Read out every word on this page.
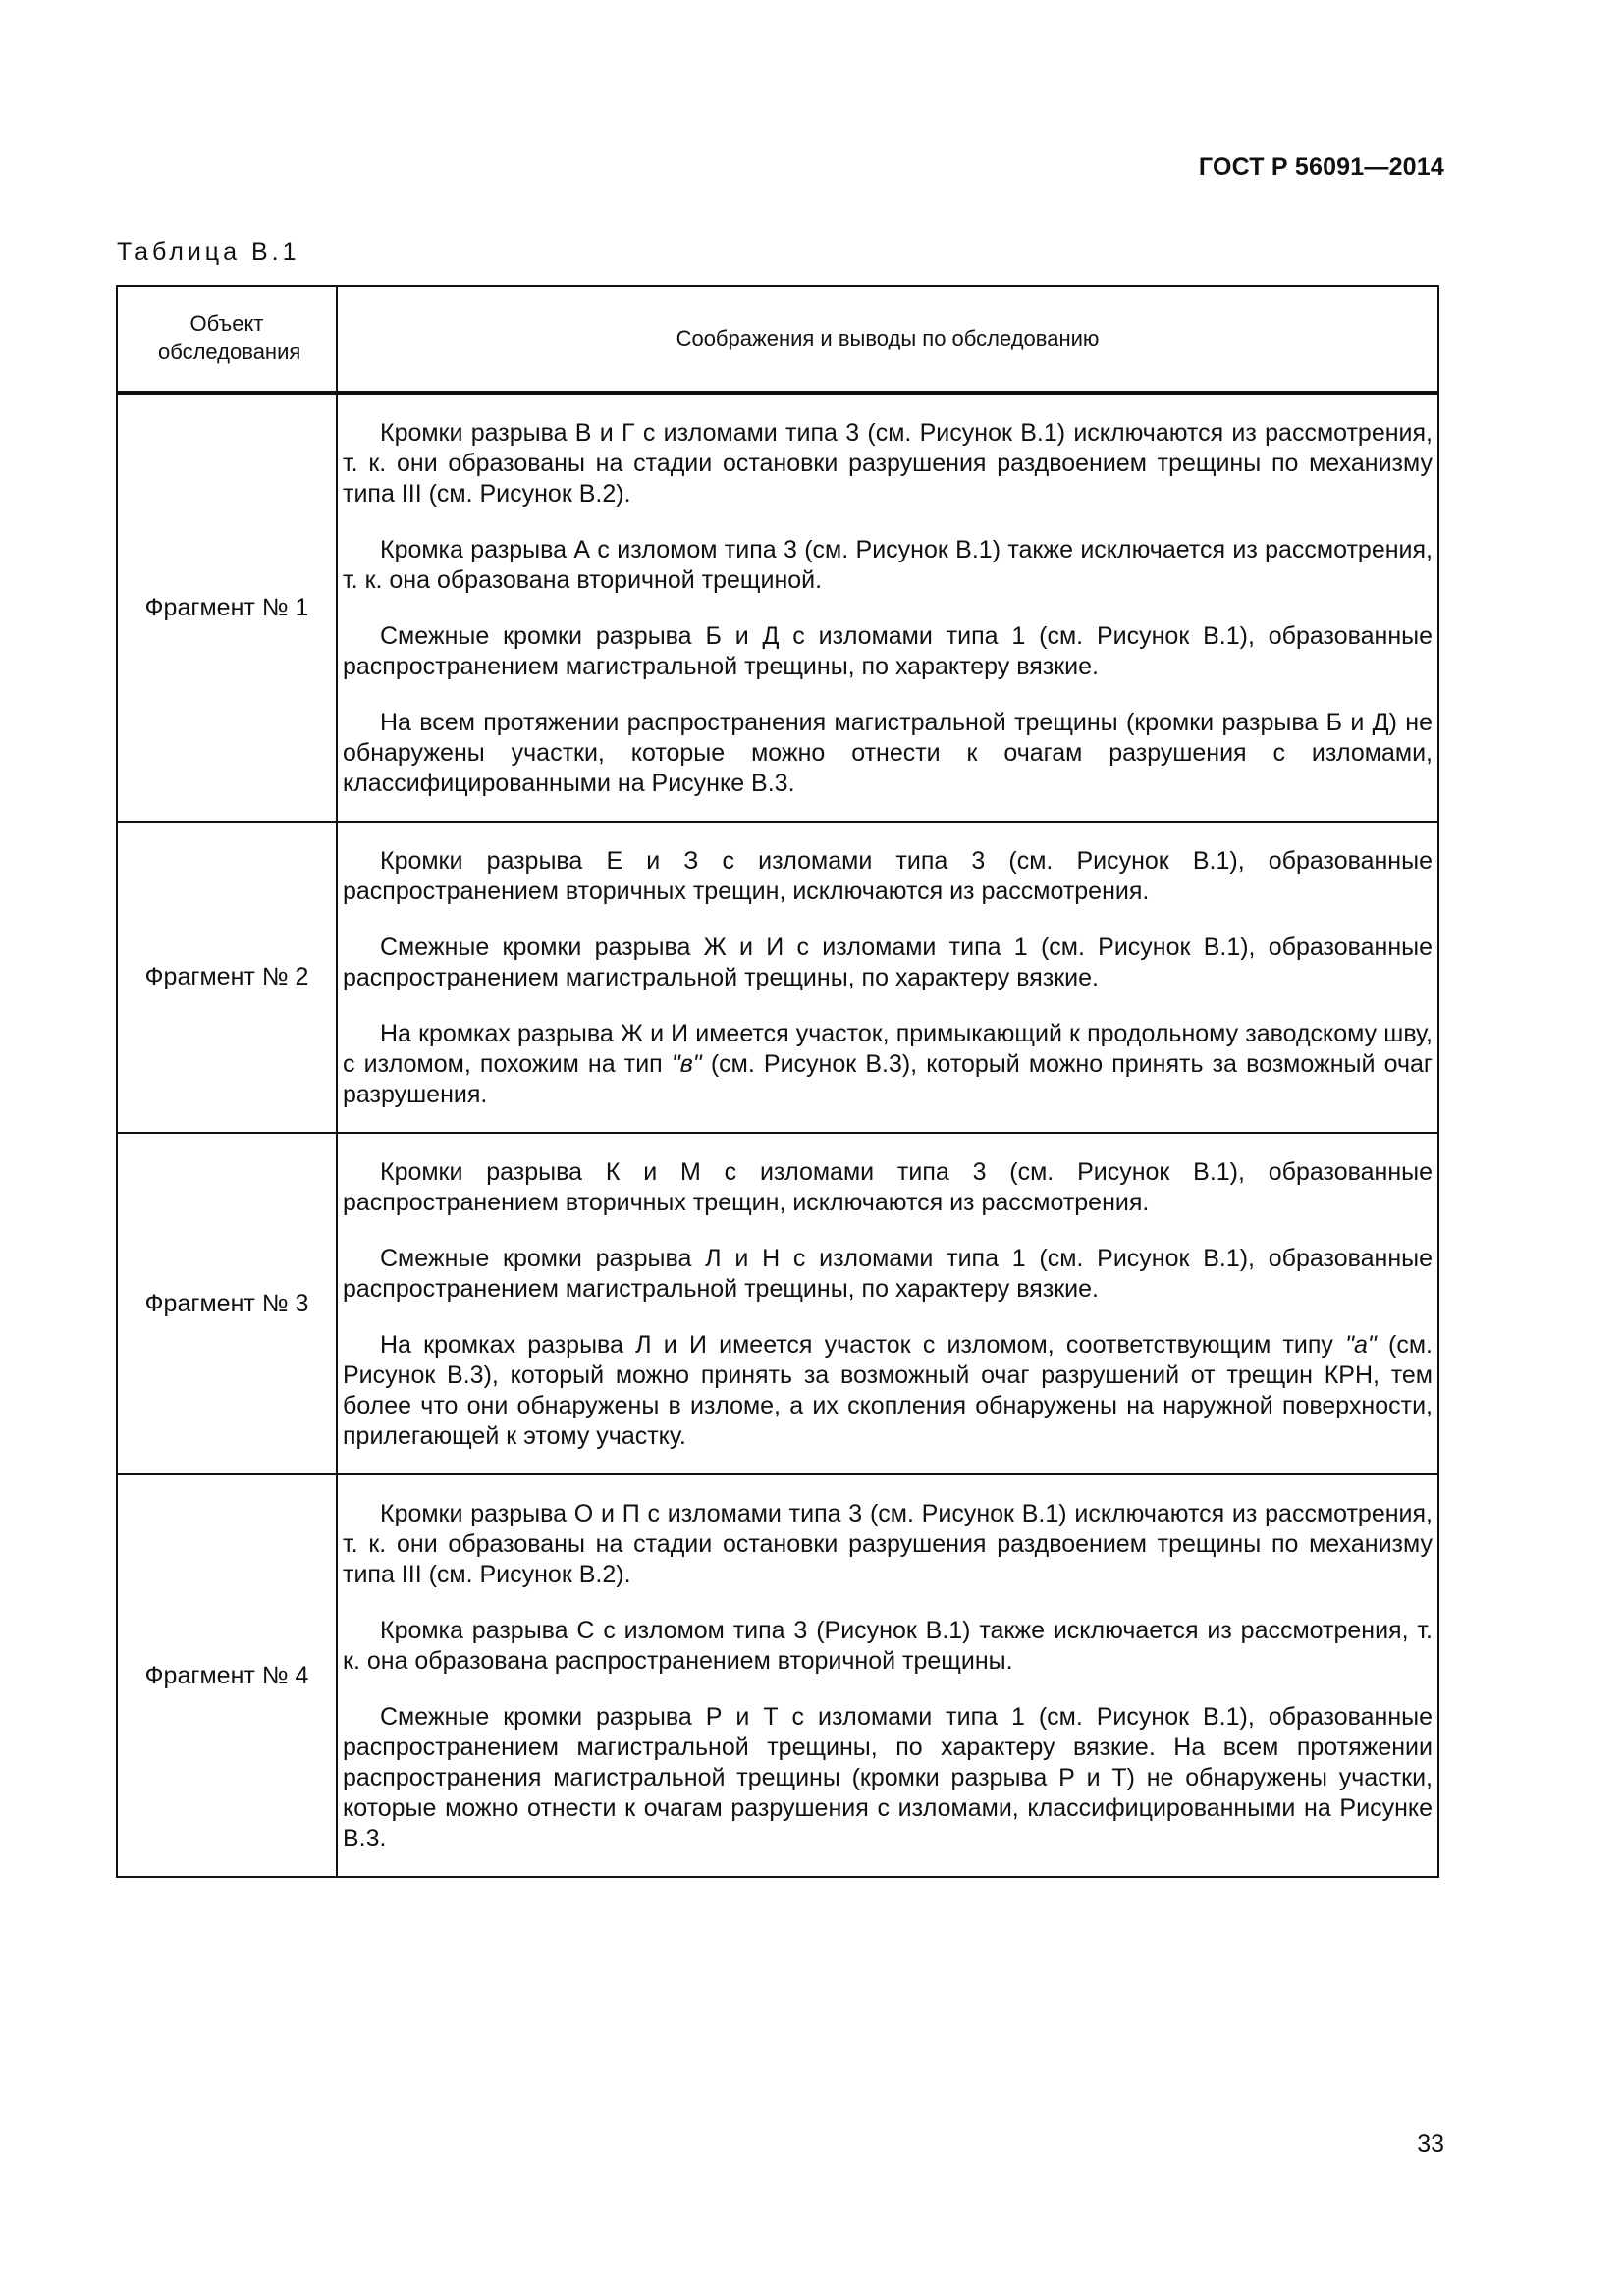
ГОСТ Р 56091—2014
Таблица В.1
Объект обследования	Соображения и выводы по обследованию
Фрагмент № 1	Кромки разрыва В и Г с изломами типа 3 (см. Рисунок В.1) исключаются из рассмотрения, т. к. они образованы на стадии остановки разрушения раздвоением трещины по механизму типа III (см. Рисунок В.2).

Кромка разрыва А с изломом типа 3 (см. Рисунок В.1) также исключается из рассмотрения, т. к. она образована вторичной трещиной.

Смежные кромки разрыва Б и Д с изломами типа 1 (см. Рисунок В.1), образованные распространением магистральной трещины, по характеру вязкие.

На всем протяжении распространения магистральной трещины (кромки разрыва Б и Д) не обнаружены участки, которые можно отнести к очагам разрушения с изломами, классифицированными на Рисунке В.3.

Фрагмент № 2	Кромки разрыва Е и З с изломами типа 3 (см. Рисунок В.1), образованные распространением вторичных трещин, исключаются из рассмотрения.

Смежные кромки разрыва Ж и И с изломами типа 1 (см. Рисунок В.1), образованные распространением магистральной трещины, по характеру вязкие.

На кромках разрыва Ж и И имеется участок, примыкающий к продольному заводскому шву, с изломом, похожим на тип "в" (см. Рисунок В.3), который можно принять за возможный очаг разрушения.

Фрагмент № 3	Кромки разрыва К и М с изломами типа 3 (см. Рисунок В.1), образованные распространением вторичных трещин, исключаются из рассмотрения.

Смежные кромки разрыва Л и Н с изломами типа 1 (см. Рисунок В.1), образованные распространением магистральной трещины, по характеру вязкие.

На кромках разрыва Л и И имеется участок с изломом, соответствующим типу "а" (см. Рисунок В.3), который можно принять за возможный очаг разрушений от трещин КРН, тем более что они обнаружены в изломе, а их скопления обнаружены на наружной поверхности, прилегающей к этому участку.

Фрагмент № 4	Кромки разрыва О и П с изломами типа 3 (см. Рисунок В.1) исключаются из рассмотрения, т. к. они образованы на стадии остановки разрушения раздвоением трещины по механизму типа III (см. Рисунок В.2).

Кромка разрыва С с изломом типа 3 (Рисунок В.1) также исключается из рассмотрения, т. к. она образована распространением вторичной трещины.

Смежные кромки разрыва Р и Т с изломами типа 1 (см. Рисунок В.1), образованные распространением магистральной трещины, по характеру вязкие. На всем протяжении распространения магистральной трещины (кромки разрыва Р и Т) не обнаружены участки, которые можно отнести к очагам разрушения с изломами, классифицированными на Рисунке В.3.

33
